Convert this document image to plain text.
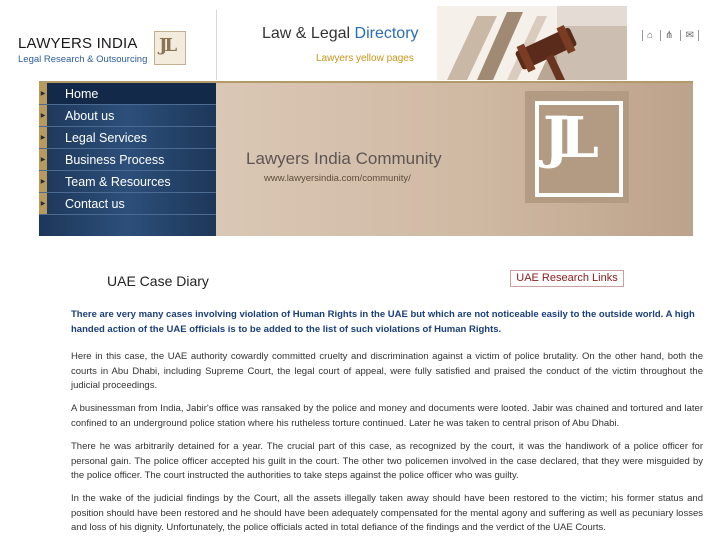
LAWYERS INDIA
Legal Research & Outsourcing
JL
Law & Legal Directory
Lawyers yellow pages
⌂	⋔	✉
▶ Home
▶ About us
▶ Legal Services
▶ Business Process
▶ Team & Resources
▶ Contact us
Lawyers India Community
www.lawyersindia.com/community/
JL
UAE Case Diary	UAE Research Links
There are very many cases involving violation of Human Rights in the UAE but which are not noticeable easily to the outside world. A high handed action of the UAE officials is to be added to the list of such violations of Human Rights.
Here in this case, the UAE authority cowardly committed cruelty and discrimination against a victim of police brutality. On the other hand, both the courts in Abu Dhabi, including Supreme Court, the legal court of appeal, were fully satisfied and praised the conduct of the victim throughout the judicial proceedings.
A businessman from India, Jabir's office was ransaked by the police and money and documents were looted. Jabir was chained and tortured and later confined to an underground police station where his rutheless torture continued. Later he was taken to central prison of Abu Dhabi.
There he was arbitrarily detained for a year. The crucial part of this case, as recognized by the court, it was the handiwork of a police officer for personal gain. The police officer accepted his guilt in the court. The other two policemen involved in the case declared, that they were misguided by the police officer. The court instructed the authorities to take steps against the police officer who was guilty.
In the wake of the judicial findings by the Court, all the assets illegally taken away should have been restored to the victim; his former status and position should have been restored and he should have been adequately compensated for the mental agony and suffering as well as pecuniary losses and loss of his dignity. Unfortunately, the police officials acted in total defiance of the findings and the verdict of the UAE Courts.
